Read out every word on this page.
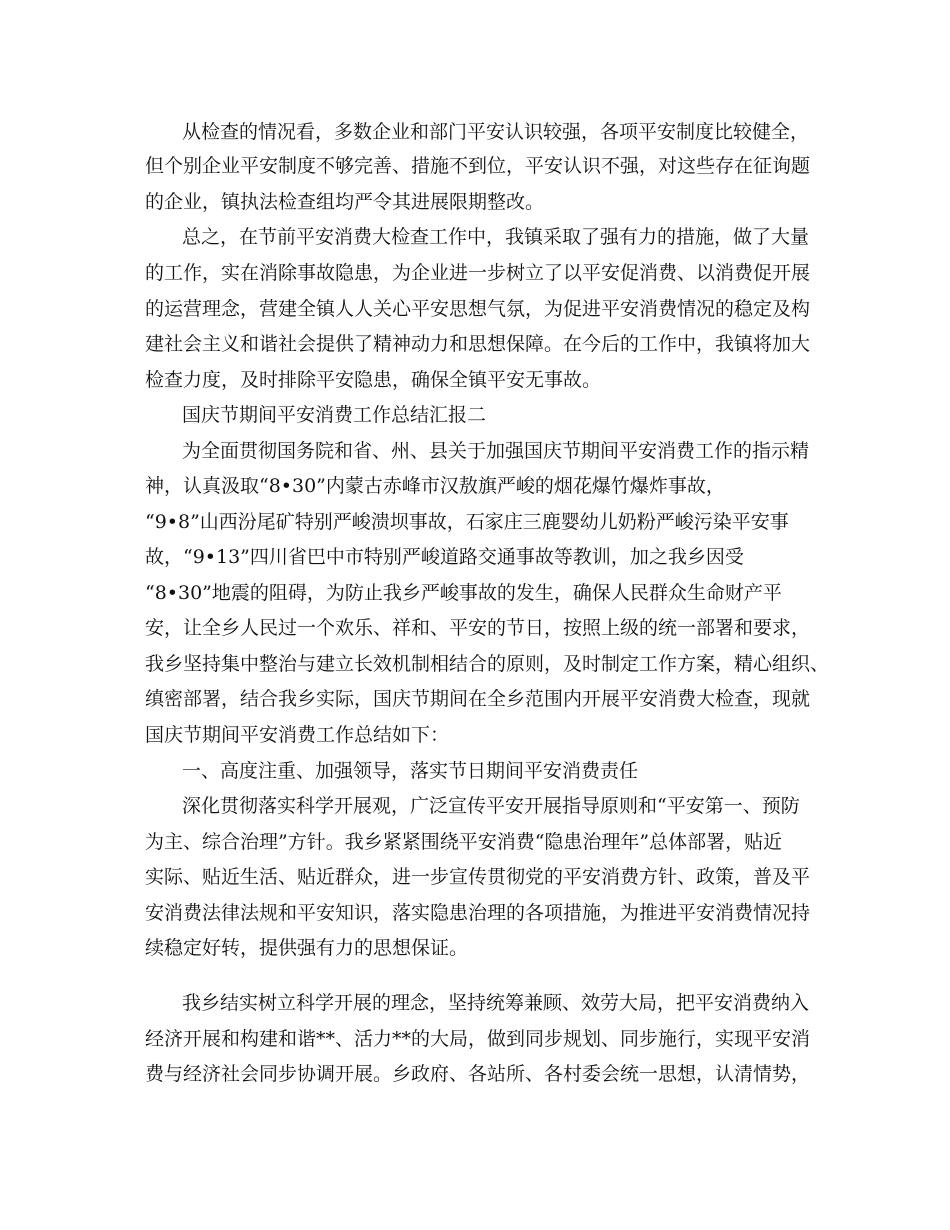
从检查的情况看，多数企业和部门平安认识较强，各项平安制度比较健全，
但个别企业平安制度不够完善、措施不到位，平安认识不强，对这些存在征询题
的企业，镇执法检查组均严令其进展限期整改。
总之，在节前平安消费大检查工作中，我镇采取了强有力的措施，做了大量
的工作，实在消除事故隐患，为企业进一步树立了以平安促消费、以消费促开展
的运营理念，营建全镇人人关心平安思想气氛，为促进平安消费情况的稳定及构
建社会主义和谐社会提供了精神动力和思想保障。在今后的工作中，我镇将加大
检查力度，及时排除平安隐患，确保全镇平安无事故。
国庆节期间平安消费工作总结汇报二
为全面贯彻国务院和省、州、县关于加强国庆节期间平安消费工作的指示精
神，认真汲取“8•30”内蒙古赤峰市汉敖旗严峻的烟花爆竹爆炸事故，
“9•8”山西汾尾矿特别严峻溃坝事故，石家庄三鹿婴幼儿奶粉严峻污染平安事
故，“9•13”四川省巴中市特别严峻道路交通事故等教训，加之我乡因受
“8•30”地震的阻碍，为防止我乡严峻事故的发生，确保人民群众生命财产平
安，让全乡人民过一个欢乐、祥和、平安的节日，按照上级的统一部署和要求，
我乡坚持集中整治与建立长效机制相结合的原则，及时制定工作方案，精心组织、
缜密部署，结合我乡实际，国庆节期间在全乡范围内开展平安消费大检查，现就
国庆节期间平安消费工作总结如下：
一、高度注重、加强领导，落实节日期间平安消费责任
深化贯彻落实科学开展观，广泛宣传平安开展指导原则和“平安第一、预防
为主、综合治理”方针。我乡紧紧围绕平安消费“隐患治理年”总体部署，贴近
实际、贴近生活、贴近群众，进一步宣传贯彻党的平安消费方针、政策，普及平
安消费法律法规和平安知识，落实隐患治理的各项措施，为推进平安消费情况持
续稳定好转，提供强有力的思想保证。
我乡结实树立科学开展的理念，坚持统筹兼顾、效劳大局，把平安消费纳入
经济开展和构建和谐**、活力**的大局，做到同步规划、同步施行，实现平安消
费与经济社会同步协调开展。乡政府、各站所、各村委会统一思想，认清情势，
